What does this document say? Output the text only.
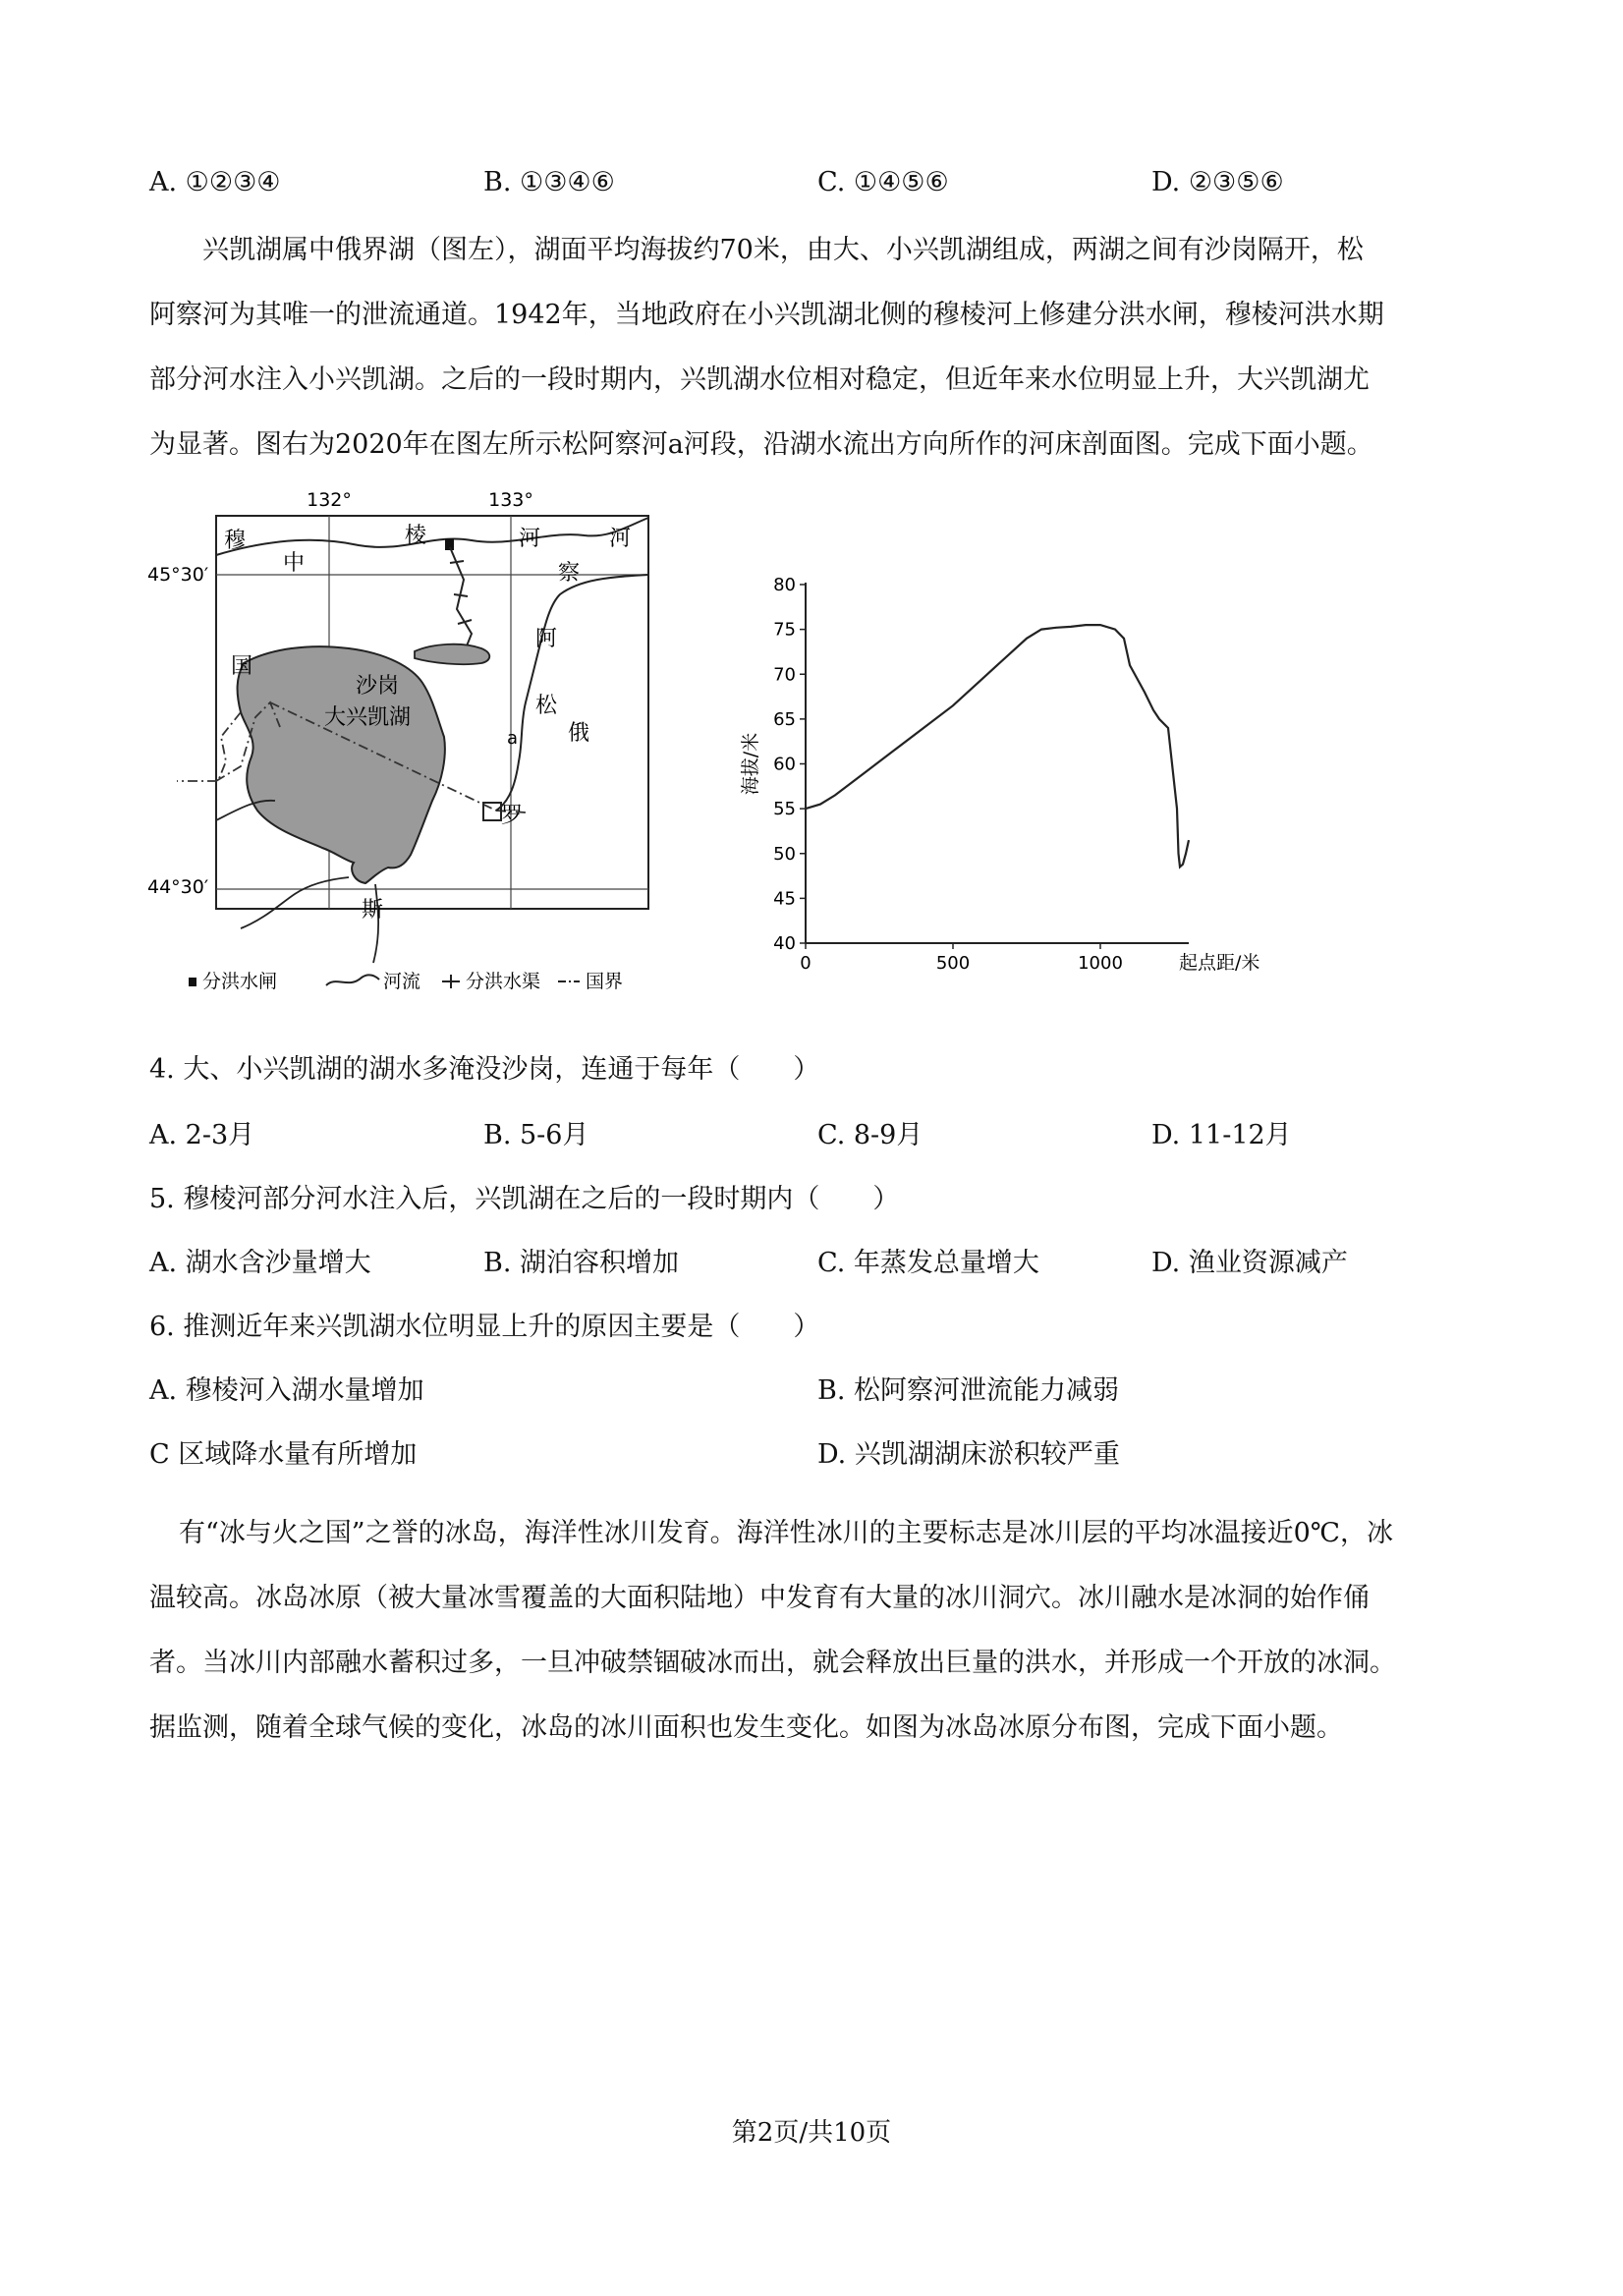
A. ①②③④	B. ①③④⑥	C. ①④⑤⑥	D. ②③⑤⑥
兴凯湖属中俄界湖（图左），湖面平均海拔约70米，由大、小兴凯湖组成，两湖之间有沙岗隔开，松
阿察河为其唯一的泄流通道。1942年，当地政府在小兴凯湖北侧的穆棱河上修建分洪水闸，穆棱河洪水期
部分河水注入小兴凯湖。之后的一段时期内，兴凯湖水位相对稳定，但近年来水位明显上升，大兴凯湖尤
为显著。图右为2020年在图左所示松阿察河a河段，沿湖水流出方向所作的河床剖面图。完成下面小题。
132°	133°
45°30′
44°30′
穆
中
国
棱	河	河
察
阿
松
俄
罗
斯
沙岗
大兴凯湖
a
分洪水闸	河流 分洪水渠 国界
40
45
50
55
60
65
70
75
80
0	500	1000
海拔/米
起点距/米
4. 大、小兴凯湖的湖水多淹没沙岗，连通于每年（　　）
A. 2-3月	B. 5-6月	C. 8-9月	D. 11-12月
5. 穆棱河部分河水注入后，兴凯湖在之后的一段时期内（　　）
A. 湖水含沙量增大	B. 湖泊容积增加	C. 年蒸发总量增大	D. 渔业资源减产
6. 推测近年来兴凯湖水位明显上升的原因主要是（　　）
A. 穆棱河入湖水量增加	B. 松阿察河泄流能力减弱
C 区域降水量有所增加	D. 兴凯湖湖床淤积较严重
有“冰与火之国”之誉的冰岛，海洋性冰川发育。海洋性冰川的主要标志是冰川层的平均冰温接近0℃，冰
温较高。冰岛冰原（被大量冰雪覆盖的大面积陆地）中发育有大量的冰川洞穴。冰川融水是冰洞的始作俑
者。当冰川内部融水蓄积过多，一旦冲破禁锢破冰而出，就会释放出巨量的洪水，并形成一个开放的冰洞。
据监测，随着全球气候的变化，冰岛的冰川面积也发生变化。如图为冰岛冰原分布图，完成下面小题。
第2页/共10页
